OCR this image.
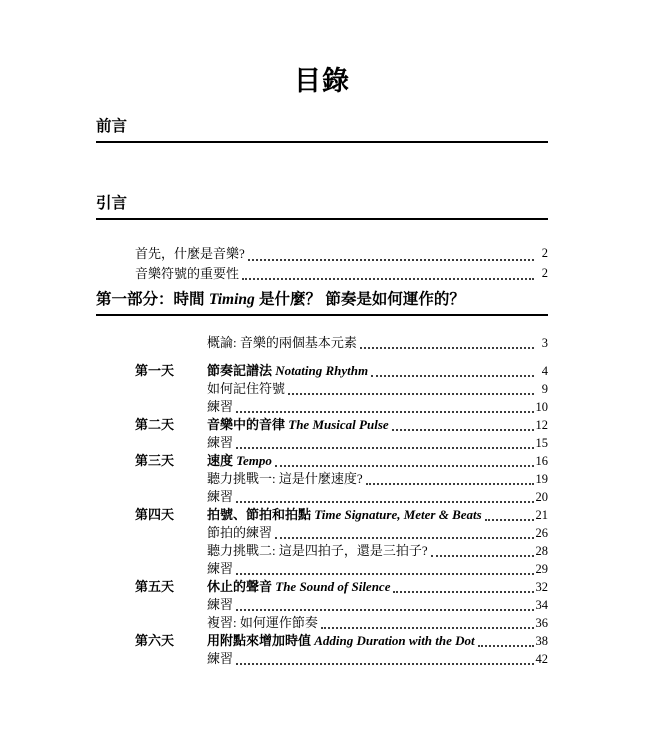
目錄
前言
引言
首先，什麼是音樂?	2
音樂符號的重要性	2
第一部分：時間 Timing 是什麼？ 節奏是如何運作的？
概論: 音樂的兩個基本元素	3
第一天	節奏記譜法 Notating Rhythm	4
如何記住符號	9
練習	10
第二天	音樂中的音律 The Musical Pulse	12
練習	15
第三天	速度 Tempo	16
聽力挑戰一: 這是什麼速度?	19
練習	20
第四天	拍號、節拍和拍點 Time Signature, Meter & Beats	21
節拍的練習	26
聽力挑戰二: 這是四拍子，還是三拍子?	28
練習	29
第五天	休止的聲音 The Sound of Silence	32
練習	34
複習: 如何運作節奏	36
第六天	用附點來增加時值 Adding Duration with the Dot	38
練習	42
